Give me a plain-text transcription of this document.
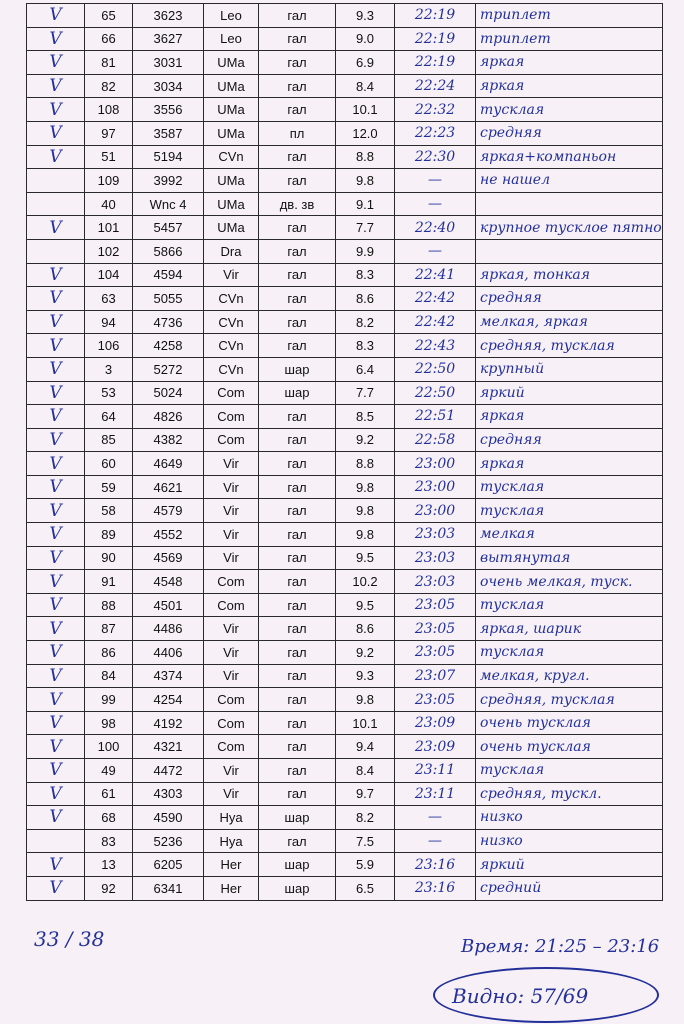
V	65	3623	Leo	гал	9.3	22:19	триплет
V	66	3627	Leo	гал	9.0	22:19	триплет
V	81	3031	UMa	гал	6.9	22:19	яркая
V	82	3034	UMa	гал	8.4	22:24	яркая
V	108	3556	UMa	гал	10.1	22:32	тусклая
V	97	3587	UMa	пл	12.0	22:23	средняя
V	51	5194	CVn	гал	8.8	22:30	яркая+компаньон
	109	3992	UMa	гал	9.8	—	не нашел
	40	Wnc 4	UMa	дв. зв	9.1	—	
V	101	5457	UMa	гал	7.7	22:40	крупное тусклое пятно
	102	5866	Dra	гал	9.9	—	
V	104	4594	Vir	гал	8.3	22:41	яркая, тонкая
V	63	5055	CVn	гал	8.6	22:42	средняя
V	94	4736	CVn	гал	8.2	22:42	мелкая, яркая
V	106	4258	CVn	гал	8.3	22:43	средняя, тусклая
V	3	5272	CVn	шар	6.4	22:50	крупный
V	53	5024	Com	шар	7.7	22:50	яркий
V	64	4826	Com	гал	8.5	22:51	яркая
V	85	4382	Com	гал	9.2	22:58	средняя
V	60	4649	Vir	гал	8.8	23:00	яркая
V	59	4621	Vir	гал	9.8	23:00	тусклая
V	58	4579	Vir	гал	9.8	23:00	тусклая
V	89	4552	Vir	гал	9.8	23:03	мелкая
V	90	4569	Vir	гал	9.5	23:03	вытянутая
V	91	4548	Com	гал	10.2	23:03	очень мелкая, туск.
V	88	4501	Com	гал	9.5	23:05	тусклая
V	87	4486	Vir	гал	8.6	23:05	яркая, шарик
V	86	4406	Vir	гал	9.2	23:05	тусклая
V	84	4374	Vir	гал	9.3	23:07	мелкая, кругл.
V	99	4254	Com	гал	9.8	23:05	средняя, тусклая
V	98	4192	Com	гал	10.1	23:09	очень тусклая
V	100	4321	Com	гал	9.4	23:09	очень тусклая
V	49	4472	Vir	гал	8.4	23:11	тусклая
V	61	4303	Vir	гал	9.7	23:11	средняя, тускл.
V	68	4590	Hya	шар	8.2	—	низко
	83	5236	Hya	гал	7.5	—	низко
V	13	6205	Her	шар	5.9	23:16	яркий
V	92	6341	Her	шар	6.5	23:16	средний
33 / 38	Время: 21:25 – 23:16
Видно: 57/69
